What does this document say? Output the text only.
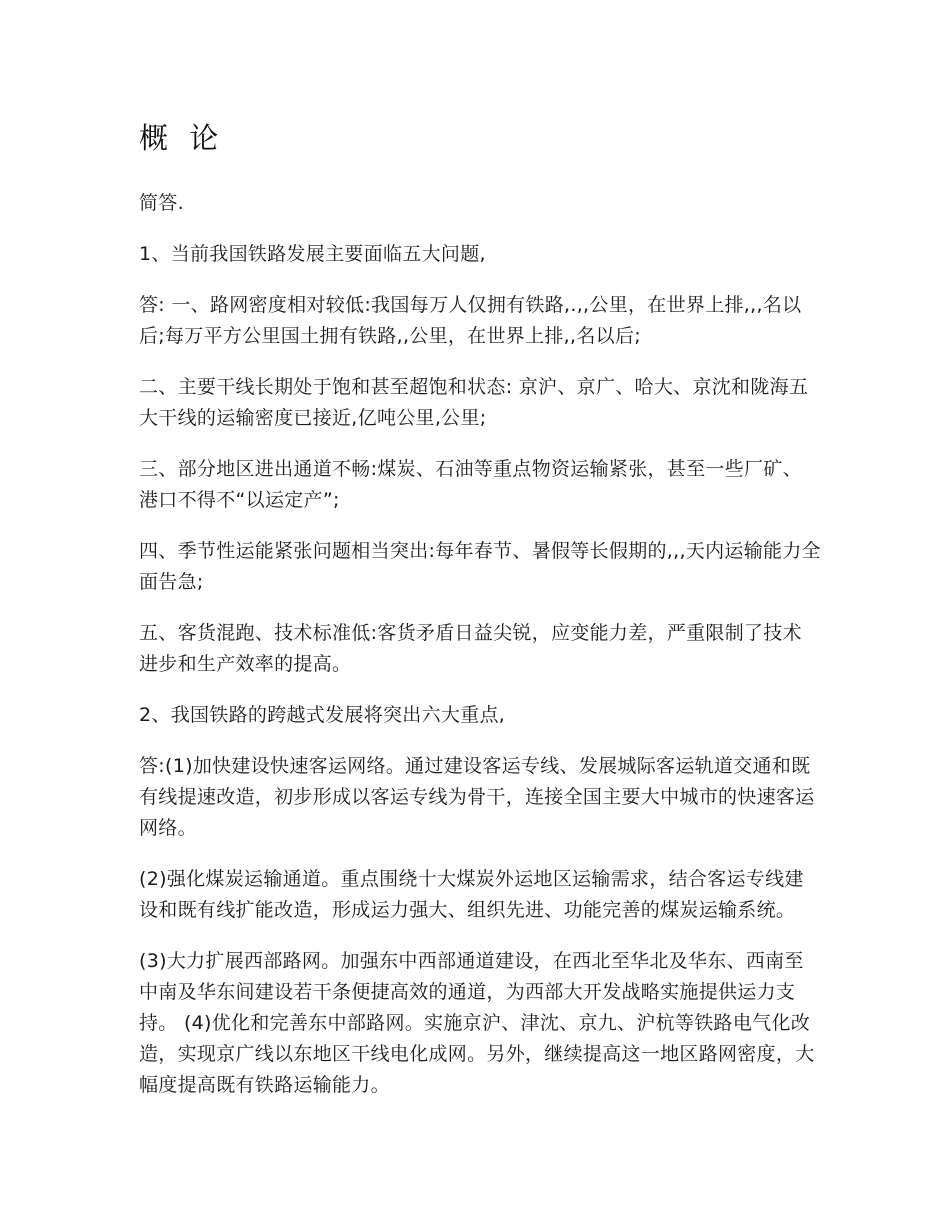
概 论

简答.

1、当前我国铁路发展主要面临五大问题,

答: 一、路网密度相对较低:我国每万人仅拥有铁路,.,,公里，在世界上排,,,名以后;每万平方公里国土拥有铁路,,公里，在世界上排,,名以后;

二、主要干线长期处于饱和甚至超饱和状态: 京沪、京广、哈大、京沈和陇海五大干线的运输密度已接近,亿吨公里,公里;

三、部分地区进出通道不畅:煤炭、石油等重点物资运输紧张，甚至一些厂矿、港口不得不“以运定产”;

四、季节性运能紧张问题相当突出:每年春节、暑假等长假期的,,,天内运输能力全面告急;

五、客货混跑、技术标准低:客货矛盾日益尖锐，应变能力差，严重限制了技术进步和生产效率的提高。

2、我国铁路的跨越式发展将突出六大重点,

答:(1)加快建设快速客运网络。通过建设客运专线、发展城际客运轨道交通和既有线提速改造，初步形成以客运专线为骨干，连接全国主要大中城市的快速客运网络。

(2)强化煤炭运输通道。重点围绕十大煤炭外运地区运输需求，结合客运专线建设和既有线扩能改造，形成运力强大、组织先进、功能完善的煤炭运输系统。

(3)大力扩展西部路网。加强东中西部通道建设，在西北至华北及华东、西南至中南及华东间建设若干条便捷高效的通道，为西部大开发战略实施提供运力支持。 (4)优化和完善东中部路网。实施京沪、津沈、京九、沪杭等铁路电气化改造，实现京广线以东地区干线电化成网。另外，继续提高这一地区路网密度，大幅度提高既有铁路运输能力。
